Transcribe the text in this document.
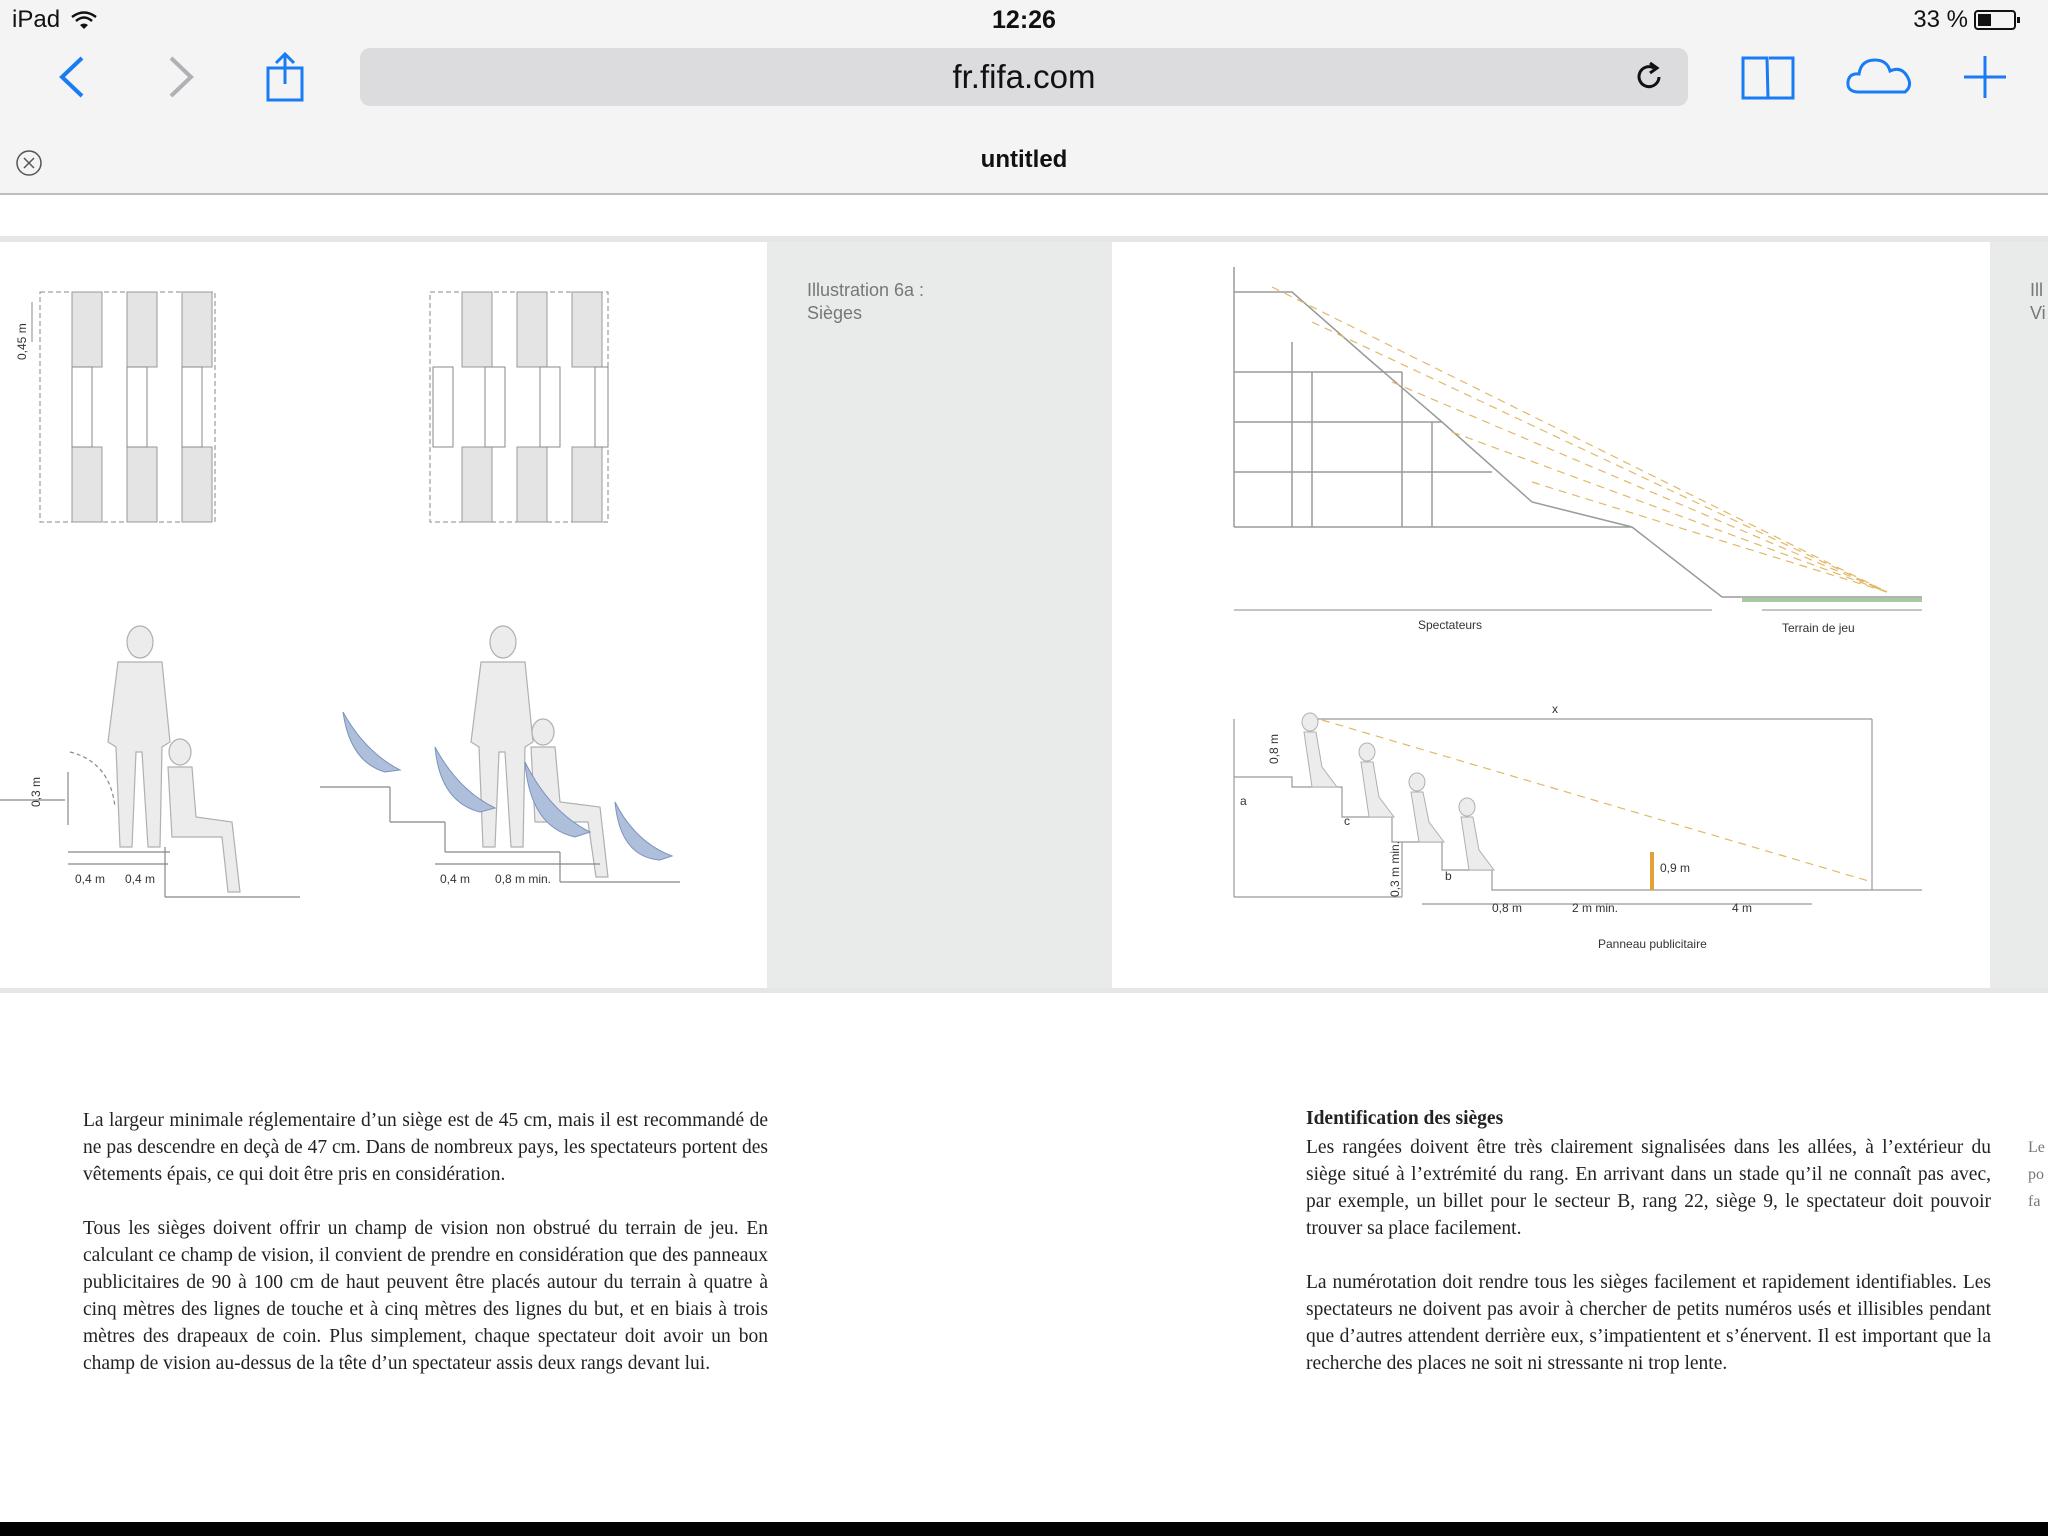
0,45 m
0,3 m
0,4 m 0,4 m	0,4 m 0,8 m min.
Illustration 6a :
Sièges
Spectateurs	Terrain de jeu
x
0,8 m
a
c
b
0,3 m min.	0,9 m
0,8 m	2 m min.	4 m
Panneau publicitaire
Ill
Vi
La largeur minimale réglementaire d’un siège est de 45 cm, mais il est recommandé de ne pas descendre en deçà de 47 cm. Dans de nombreux pays, les spectateurs portent des vêtements épais, ce qui doit être pris en considération.
Tous les sièges doivent offrir un champ de vision non obstrué du terrain de jeu. En calculant ce champ de vision, il convient de prendre en considération que des panneaux publicitaires de 90 à 100 cm de haut peuvent être placés autour du terrain à quatre à cinq mètres des lignes de touche et à cinq mètres des lignes du but, et en biais à trois mètres des drapeaux de coin. Plus simplement, chaque spectateur doit avoir un bon champ de vision au-dessus de la tête d’un spectateur assis deux rangs devant lui.
Identification des sièges
Les rangées doivent être très clairement signalisées dans les allées, à l’extérieur du siège situé à l’extrémité du rang. En arrivant dans un stade qu’il ne connaît pas avec, par exemple, un billet pour le secteur B, rang 22, siège 9, le spectateur doit pouvoir trouver sa place facilement.
La numérotation doit rendre tous les sièges facilement et rapidement identifiables. Les spectateurs ne doivent pas avoir à chercher de petits numéros usés et illisibles pendant que d’autres attendent derrière eux, s’impatientent et s’énervent. Il est important que la recherche des places ne soit ni stressante ni trop lente.
Le po fa
iPad	12:26	33 %
fr.fifa.com
untitled
